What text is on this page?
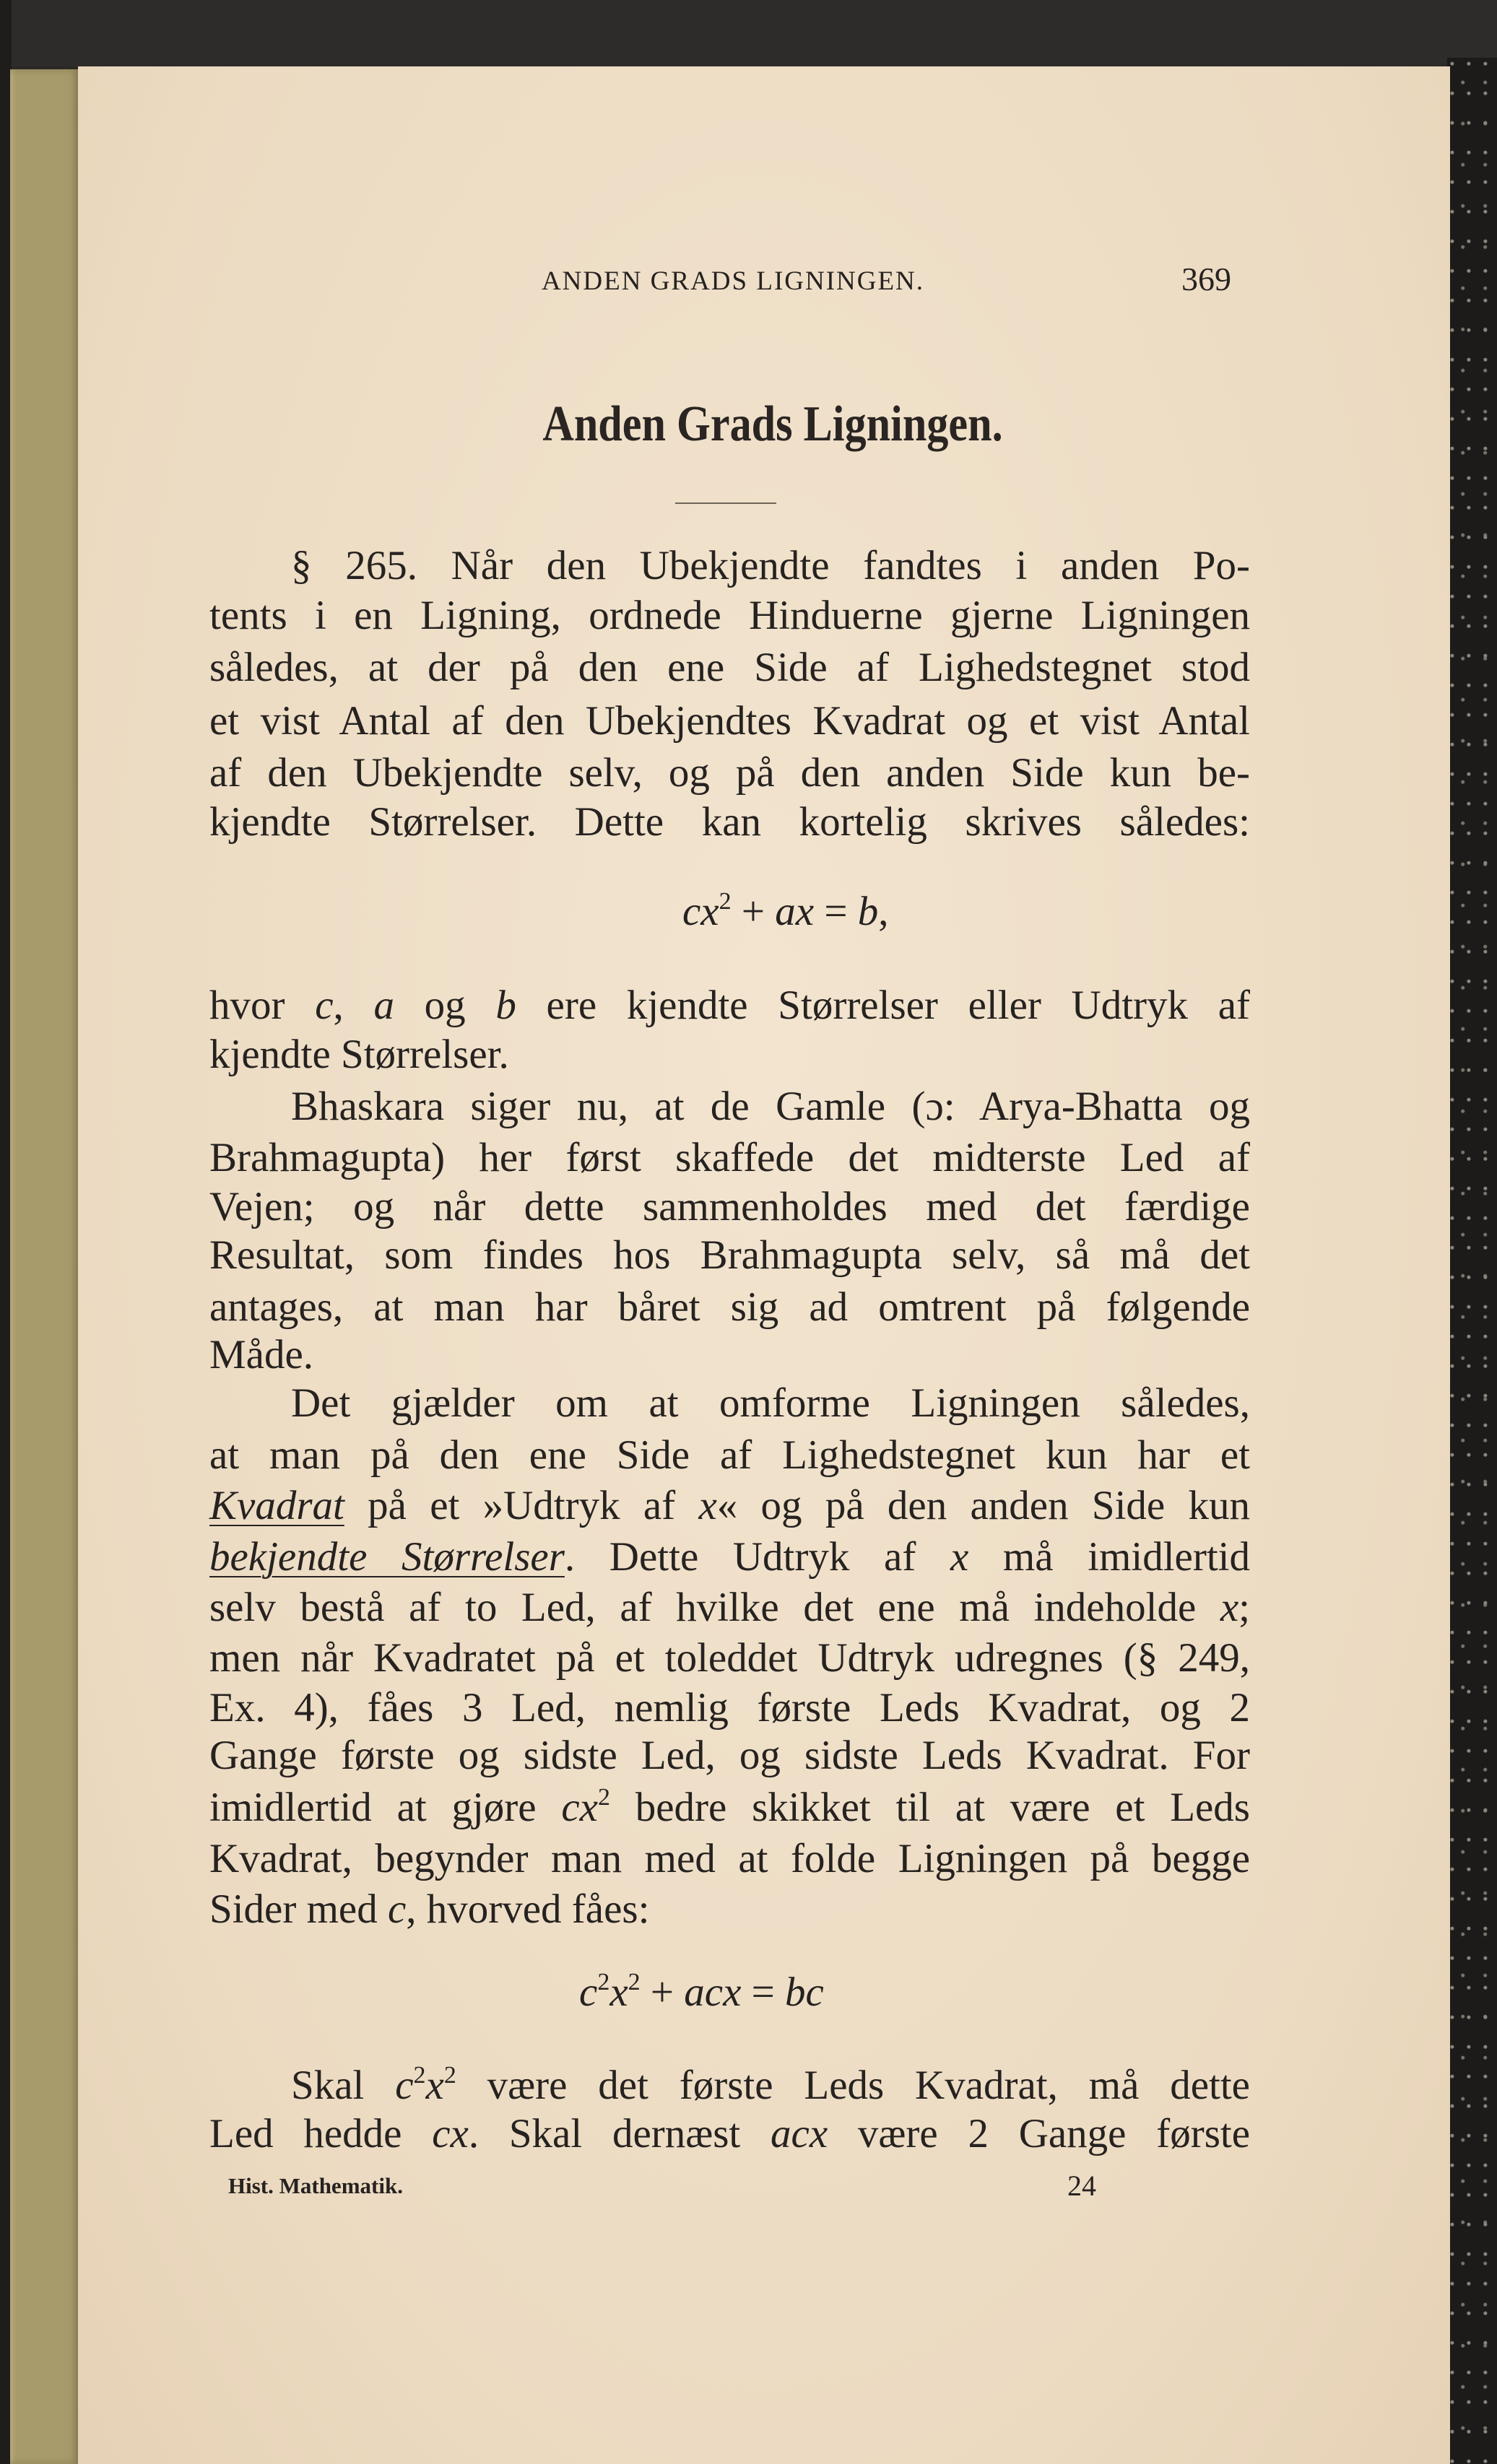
ANDEN GRADS LIGNINGEN.	369
Anden Grads Ligningen.
§ 265. Når den Ubekjendte fandtes i anden Po-
tents i en Ligning, ordnede Hinduerne gjerne Ligningen
således, at der på den ene Side af Lighedstegnet stod
et vist Antal af den Ubekjendtes Kvadrat og et vist Antal
af den Ubekjendte selv, og på den anden Side kun be-
kjendte Størrelser. Dette kan kortelig skrives således:
hvor c, a og b ere kjendte Størrelser eller Udtryk af
kjendte Størrelser.
Bhaskara siger nu, at de Gamle (ɔ: Arya-Bhatta og
Brahmagupta) her først skaffede det midterste Led af
Vejen; og når dette sammenholdes med det færdige
Resultat, som findes hos Brahmagupta selv, så må det
antages, at man har båret sig ad omtrent på følgende
Måde.
Det gjælder om at omforme Ligningen således,
at man på den ene Side af Lighedstegnet kun har et
Kvadrat på et »Udtryk af x« og på den anden Side kun
bekjendte Størrelser. Dette Udtryk af x må imidlertid
selv bestå af to Led, af hvilke det ene må indeholde x;
men når Kvadratet på et toleddet Udtryk udregnes (§ 249,
Ex. 4), fåes 3 Led, nemlig første Leds Kvadrat, og 2
Gange første og sidste Led, og sidste Leds Kvadrat. For
imidlertid at gjøre $cx^2$ bedre skikket til at være et Leds
Kvadrat, begynder man med at folde Ligningen på begge
Sider med c, hvorved fåes:
Skal $c^2x^2$ være det første Leds Kvadrat, må dette
Led hedde cx. Skal dernæst acx være 2 Gange første
$cx^2$ + ax = b,
$c^2x^2$ + acx = bc
Hist. Mathematik.	24
